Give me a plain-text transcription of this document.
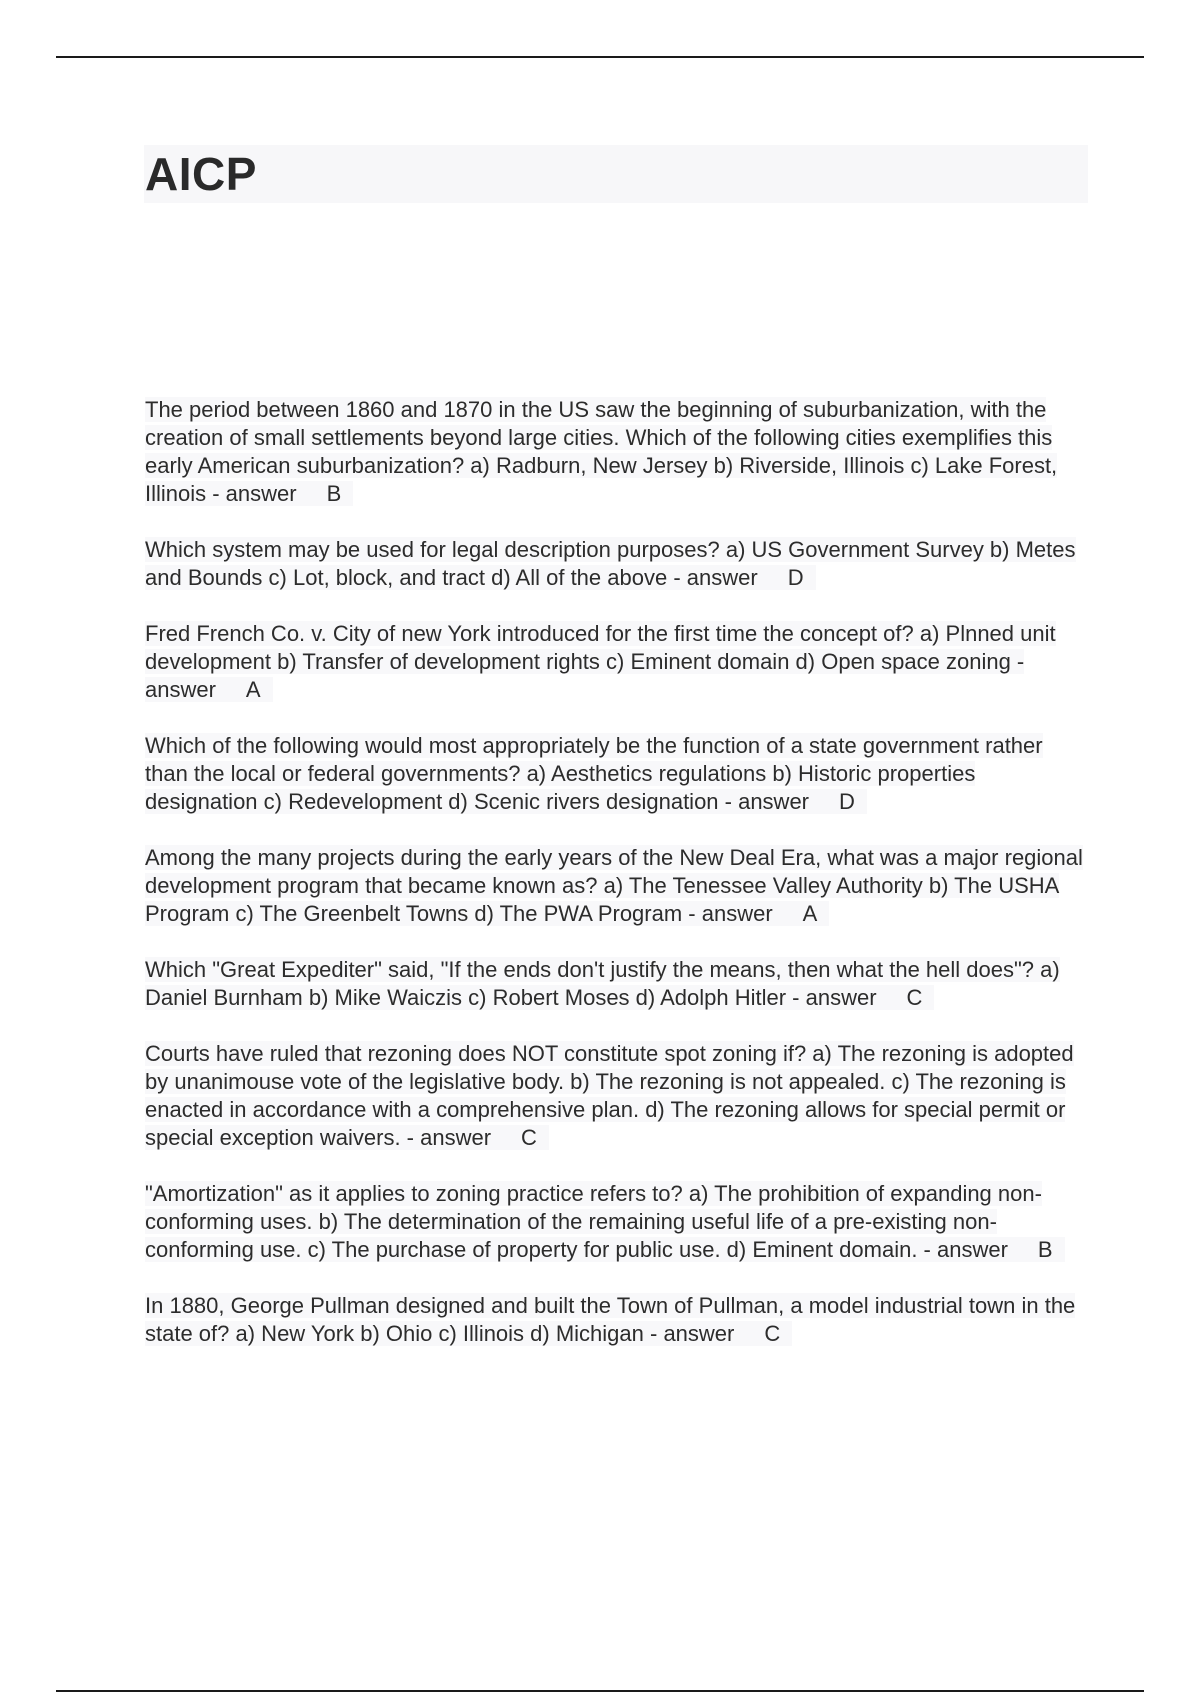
AICP

The period between 1860 and 1870 in the US saw the beginning of suburbanization, with the creation of small settlements beyond large cities. Which of the following cities exemplifies this early American suburbanization? a) Radburn, New Jersey b) Riverside, Illinois c) Lake Forest, Illinois - answer B

Which system may be used for legal description purposes? a) US Government Survey b) Metes and Bounds c) Lot, block, and tract d) All of the above - answer D

Fred French Co. v. City of new York introduced for the first time the concept of? a) Plnned unit development b) Transfer of development rights c) Eminent domain d) Open space zoning - answer A

Which of the following would most appropriately be the function of a state government rather than the local or federal governments? a) Aesthetics regulations b) Historic properties designation c) Redevelopment d) Scenic rivers designation - answer D

Among the many projects during the early years of the New Deal Era, what was a major regional development program that became known as? a) The Tenessee Valley Authority b) The USHA Program c) The Greenbelt Towns d) The PWA Program - answer A

Which "Great Expediter" said, "If the ends don't justify the means, then what the hell does"? a) Daniel Burnham b) Mike Waiczis c) Robert Moses d) Adolph Hitler - answer C

Courts have ruled that rezoning does NOT constitute spot zoning if? a) The rezoning is adopted by unanimouse vote of the legislative body. b) The rezoning is not appealed. c) The rezoning is enacted in accordance with a comprehensive plan. d) The rezoning allows for special permit or special exception waivers. - answer C

"Amortization" as it applies to zoning practice refers to? a) The prohibition of expanding non-conforming uses. b) The determination of the remaining useful life of a pre-existing non- conforming use. c) The purchase of property for public use. d) Eminent domain. - answer B

In 1880, George Pullman designed and built the Town of Pullman, a model industrial town in the state of? a) New York b) Ohio c) Illinois d) Michigan - answer C
